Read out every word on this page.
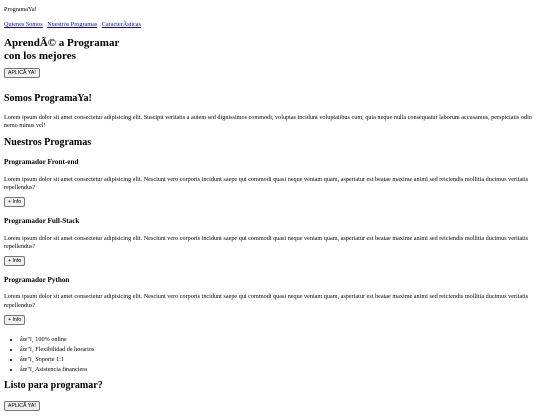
ProgramaYa!
Quienes Somos Nuestros Programas CaracterÃsticas
AprendÃ© a Programar
con los mejores
APLICÃ YA!
Somos ProgramaYa!

Lorem ipsum dolor sit amet consectetur adipisicing elit. Suscipit veritatis a autem sed dignissimos commodi, voluptas incidunt voluptatibus cum, quia neque nulla consequatur laborum accusamus, perspiciatis odio nemo minus vel!

Nuestros Programas
Programador Front-end

Lorem ipsum dolor sit amet consectetur adipisicing elit. Nesciunt vero corporis incidunt saepe qui commodi quasi neque veniam quam, asperiatur est beatae maxime animi sed reiciendis mollitia ducimus veritatis repellendus?

+ Info
Programador Full-Stack

Lorem ipsum dolor sit amet consectetur adipisicing elit. Nesciunt vero corporis incidunt saepe qui commodi quasi neque veniam quam, asperiatur est beatae maxime animi sed reiciendis mollitia ducimus veritatis repellendus?

+ Info
Programador Python

Lorem ipsum dolor sit amet consectetur adipisicing elit. Nesciunt vero corporis incidunt saepe qui commodi quasi neque veniam quam, asperiatur est beatae maxime animi sed reiciendis mollitia ducimus veritatis repellendus?

+ Info
• âœ”ï¸ 100% online
• âœ”ï¸ Flexibilidad de horarios
• âœ”ï¸ Soporte 1:1
• âœ”ï¸ Asistencia financiera
Listo para programar?
APLICÃ YA!
